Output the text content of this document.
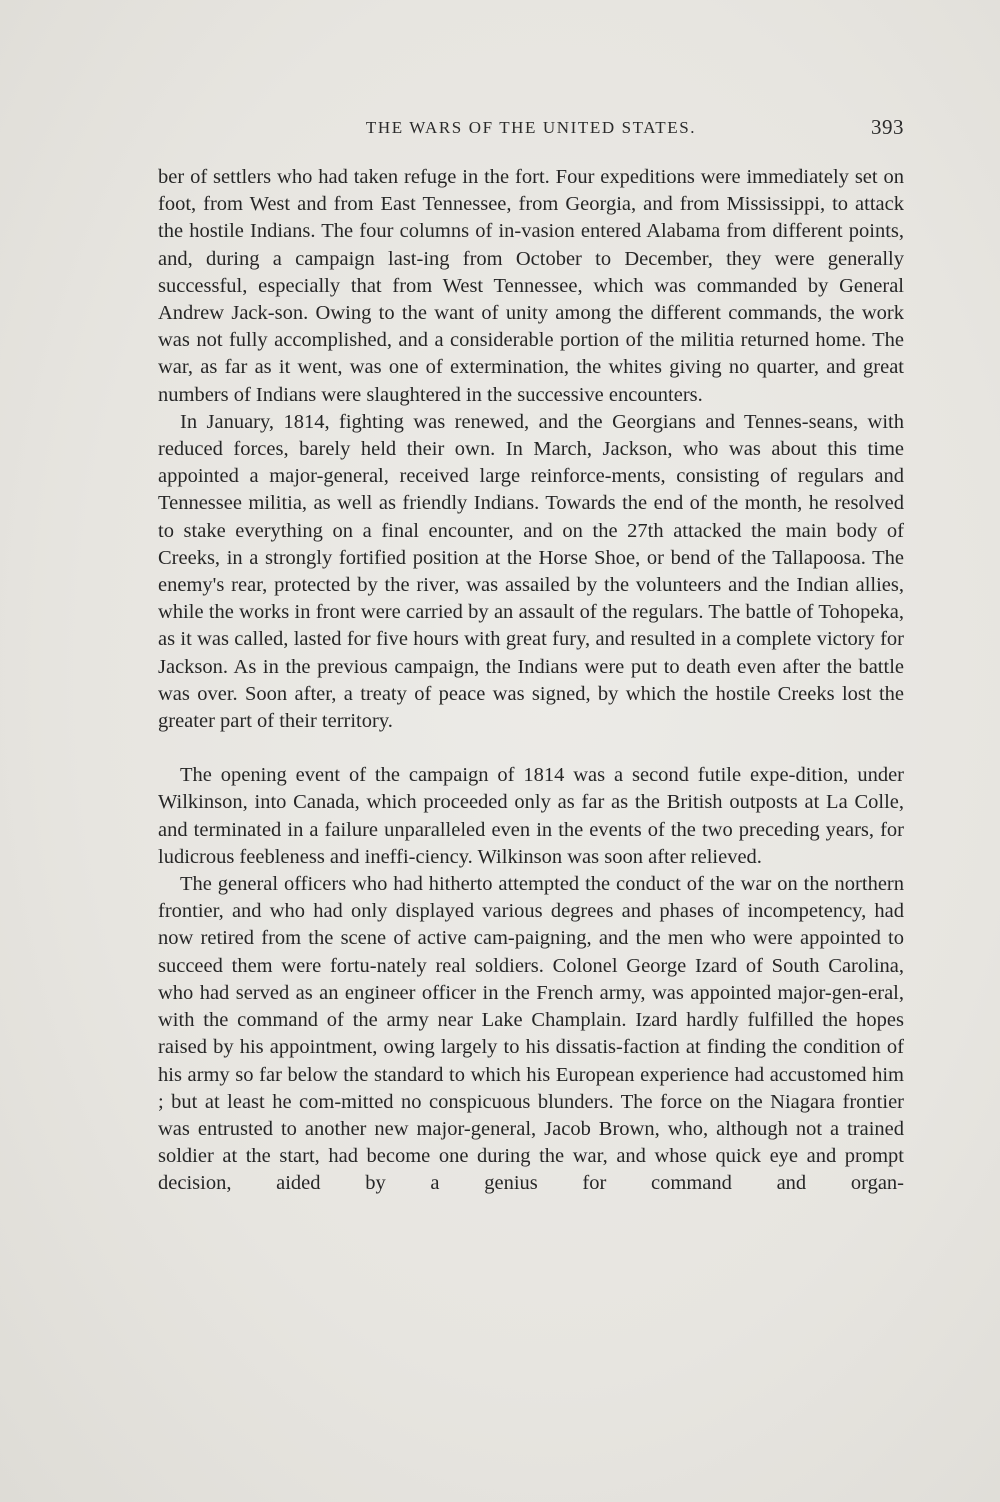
THE WARS OF THE UNITED STATES.	393

ber of settlers who had taken refuge in the fort. Four expeditions were immediately set on foot, from West and from East Tennessee, from Georgia, and from Mississippi, to attack the hostile Indians. The four columns of in-vasion entered Alabama from different points, and, during a campaign last-ing from October to December, they were generally successful, especially that from West Tennessee, which was commanded by General Andrew Jack-son. Owing to the want of unity among the different commands, the work was not fully accomplished, and a considerable portion of the militia returned home. The war, as far as it went, was one of extermination, the whites giving no quarter, and great numbers of Indians were slaughtered in the successive encounters.

In January, 1814, fighting was renewed, and the Georgians and Tennes-seans, with reduced forces, barely held their own. In March, Jackson, who was about this time appointed a major-general, received large reinforce-ments, consisting of regulars and Tennessee militia, as well as friendly Indians. Towards the end of the month, he resolved to stake everything on a final encounter, and on the 27th attacked the main body of Creeks, in a strongly fortified position at the Horse Shoe, or bend of the Tallapoosa. The enemy's rear, protected by the river, was assailed by the volunteers and the Indian allies, while the works in front were carried by an assault of the regulars. The battle of Tohopeka, as it was called, lasted for five hours with great fury, and resulted in a complete victory for Jackson. As in the previous campaign, the Indians were put to death even after the battle was over. Soon after, a treaty of peace was signed, by which the hostile Creeks lost the greater part of their territory.

The opening event of the campaign of 1814 was a second futile expe-dition, under Wilkinson, into Canada, which proceeded only as far as the British outposts at La Colle, and terminated in a failure unparalleled even in the events of the two preceding years, for ludicrous feebleness and ineffi-ciency. Wilkinson was soon after relieved.

The general officers who had hitherto attempted the conduct of the war on the northern frontier, and who had only displayed various degrees and phases of incompetency, had now retired from the scene of active cam-paigning, and the men who were appointed to succeed them were fortu-nately real soldiers. Colonel George Izard of South Carolina, who had served as an engineer officer in the French army, was appointed major-gen-eral, with the command of the army near Lake Champlain. Izard hardly fulfilled the hopes raised by his appointment, owing largely to his dissatis-faction at finding the condition of his army so far below the standard to which his European experience had accustomed him ; but at least he com-mitted no conspicuous blunders. The force on the Niagara frontier was entrusted to another new major-general, Jacob Brown, who, although not a trained soldier at the start, had become one during the war, and whose quick eye and prompt decision, aided by a genius for command and organ-
